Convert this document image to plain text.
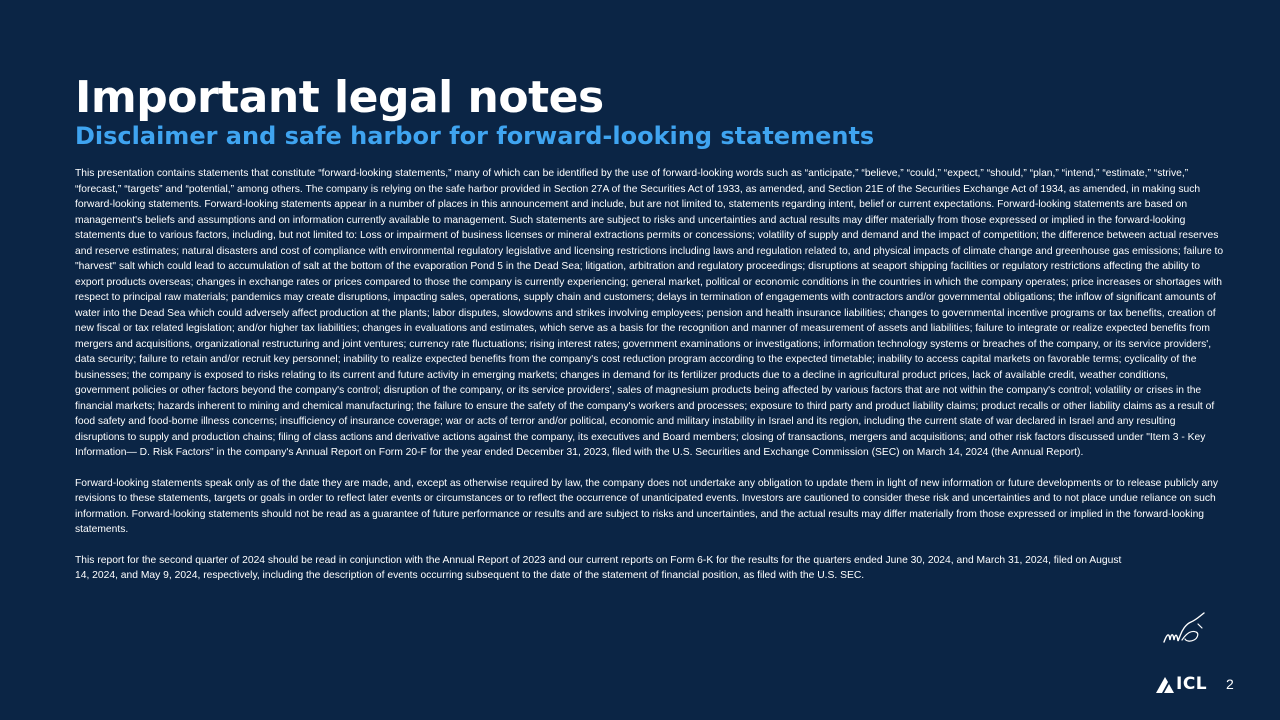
Important legal notes
Disclaimer and safe harbor for forward-looking statements

This presentation contains statements that constitute “forward-looking statements,” many of which can be identified by the use of forward-looking words such as “anticipate,” “believe,” “could,” “expect,” “should,” “plan,” “intend,” “estimate,” “strive,” “forecast,” “targets” and “potential,” among others. The company is relying on the safe harbor provided in Section 27A of the Securities Act of 1933, as amended, and Section 21E of the Securities Exchange Act of 1934, as amended, in making such forward-looking statements. Forward-looking statements appear in a number of places in this announcement and include, but are not limited to, statements regarding intent, belief or current expectations. Forward-looking statements are based on management's beliefs and assumptions and on information currently available to management. Such statements are subject to risks and uncertainties and actual results may differ materially from those expressed or implied in the forward-looking statements due to various factors, including, but not limited to: Loss or impairment of business licenses or mineral extractions permits or concessions; volatility of supply and demand and the impact of competition; the difference between actual reserves and reserve estimates; natural disasters and cost of compliance with environmental regulatory legislative and licensing restrictions including laws and regulation related to, and physical impacts of climate change and greenhouse gas emissions; failure to "harvest" salt which could lead to accumulation of salt at the bottom of the evaporation Pond 5 in the Dead Sea; litigation, arbitration and regulatory proceedings; disruptions at seaport shipping facilities or regulatory restrictions affecting the ability to export products overseas; changes in exchange rates or prices compared to those the company is currently experiencing; general market, political or economic conditions in the countries in which the company operates; price increases or shortages with respect to principal raw materials; pandemics may create disruptions, impacting sales, operations, supply chain and customers; delays in termination of engagements with contractors and/or governmental obligations; the inflow of significant amounts of water into the Dead Sea which could adversely affect production at the plants; labor disputes, slowdowns and strikes involving employees; pension and health insurance liabilities; changes to governmental incentive programs or tax benefits, creation of new fiscal or tax related legislation; and/or higher tax liabilities; changes in evaluations and estimates, which serve as a basis for the recognition and manner of measurement of assets and liabilities; failure to integrate or realize expected benefits from mergers and acquisitions, organizational restructuring and joint ventures; currency rate fluctuations; rising interest rates; government examinations or investigations; information technology systems or breaches of the company, or its service providers', data security; failure to retain and/or recruit key personnel; inability to realize expected benefits from the company's cost reduction program according to the expected timetable; inability to access capital markets on favorable terms; cyclicality of the businesses; the company is exposed to risks relating to its current and future activity in emerging markets; changes in demand for its fertilizer products due to a decline in agricultural product prices, lack of available credit, weather conditions, government policies or other factors beyond the company's control; disruption of the company, or its service providers', sales of magnesium products being affected by various factors that are not within the company's control; volatility or crises in the financial markets; hazards inherent to mining and chemical manufacturing; the failure to ensure the safety of the company's workers and processes; exposure to third party and product liability claims; product recalls or other liability claims as a result of food safety and food-borne illness concerns; insufficiency of insurance coverage; war or acts of terror and/or political, economic and military instability in Israel and its region, including the current state of war declared in Israel and any resulting disruptions to supply and production chains; filing of class actions and derivative actions against the company, its executives and Board members; closing of transactions, mergers and acquisitions; and other risk factors discussed under "Item 3 - Key Information— D. Risk Factors" in the company's Annual Report on Form 20-F for the year ended December 31, 2023, filed with the U.S. Securities and Exchange Commission (SEC) on March 14, 2024 (the Annual Report).

Forward-looking statements speak only as of the date they are made, and, except as otherwise required by law, the company does not undertake any obligation to update them in light of new information or future developments or to release publicly any revisions to these statements, targets or goals in order to reflect later events or circumstances or to reflect the occurrence of unanticipated events. Investors are cautioned to consider these risk and uncertainties and to not place undue reliance on such information. Forward-looking statements should not be read as a guarantee of future performance or results and are subject to risks and uncertainties, and the actual results may differ materially from those expressed or implied in the forward-looking statements.

This report for the second quarter of 2024 should be read in conjunction with the Annual Report of 2023 and our current reports on Form 6-K for the results for the quarters ended June 30, 2024, and March 31, 2024, filed on August 14, 2024, and May 9, 2024, respectively, including the description of events occurring subsequent to the date of the statement of financial position, as filed with the U.S. SEC.

ICL 2
